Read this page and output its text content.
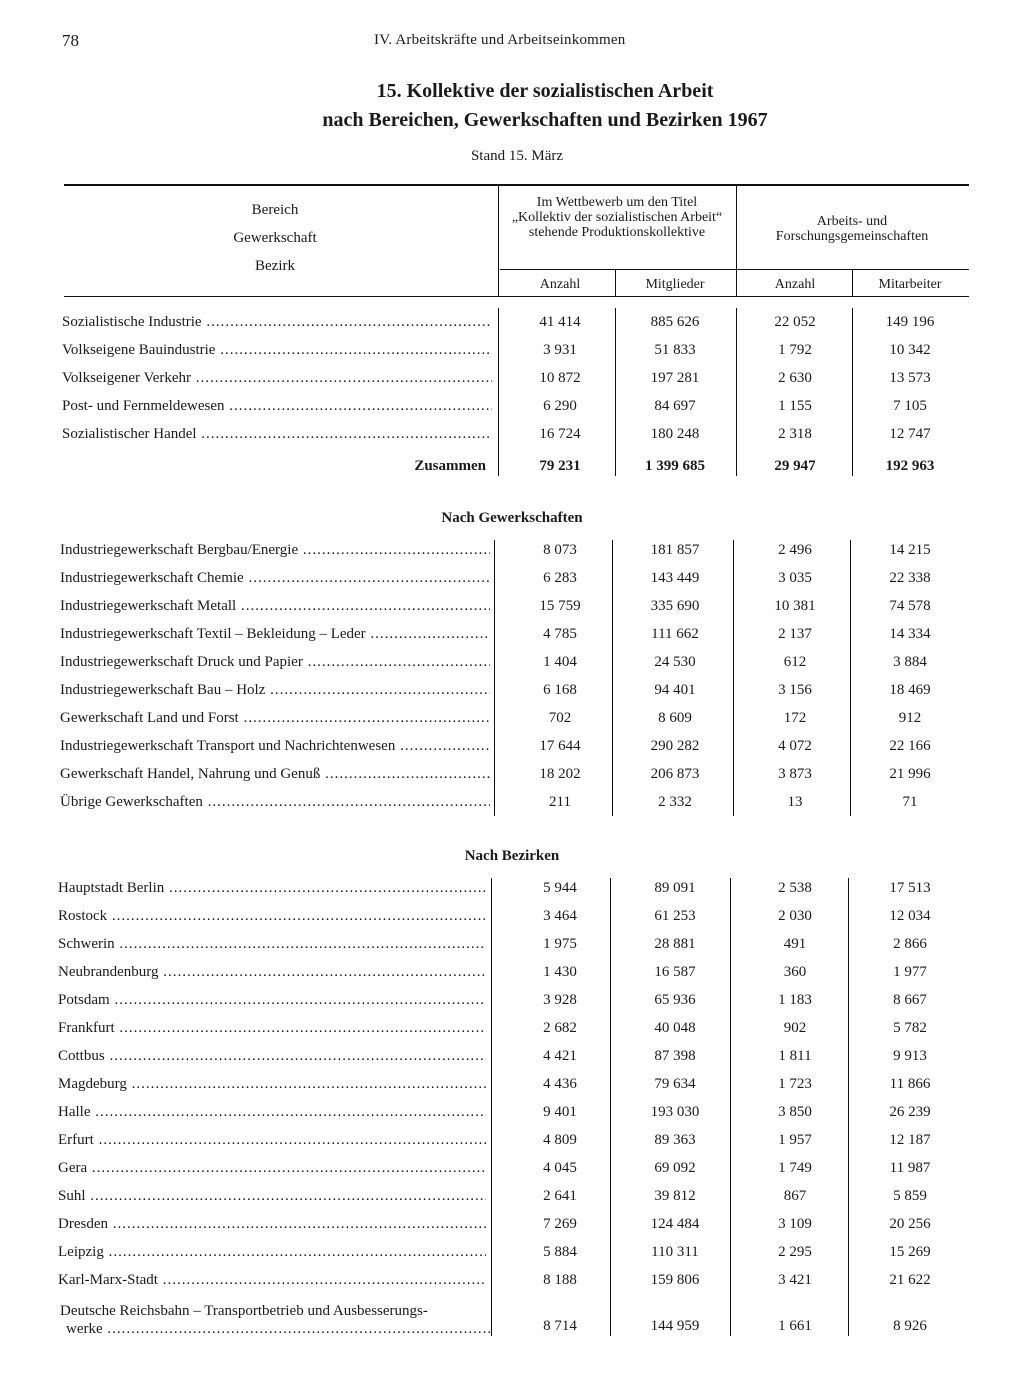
78	IV. Arbeitskräfte und Arbeitseinkommen
15. Kollektive der sozialistischen Arbeit
nach Bereichen, Gewerkschaften und Bezirken 1967
Stand 15. März
Bereich
Gewerkschaft
Bezirk
Im Wettbewerb um den Titel „Kollektiv der sozialistischen Arbeit“ stehende Produktionskollektive
Arbeits- und Forschungsgemeinschaften
Anzahl	Mitglieder	Anzahl	Mitarbeiter
Sozialistische Industrie .....	41 414	885 626	22 052	149 196
Volkseigene Bauindustrie .....	3 931	51 833	1 792	10 342
Volkseigener Verkehr .....	10 872	197 281	2 630	13 573
Post- und Fernmeldewesen .....	6 290	84 697	1 155	7 105
Sozialistischer Handel .....	16 724	180 248	2 318	12 747
Zusammen	79 231	1 399 685	29 947	192 963
Nach Gewerkschaften
Industriegewerkschaft Bergbau/Energie .....	8 073	181 857	2 496	14 215
Industriegewerkschaft Chemie .....	6 283	143 449	3 035	22 338
Industriegewerkschaft Metall .....	15 759	335 690	10 381	74 578
Industriegewerkschaft Textil – Bekleidung – Leder .....	4 785	111 662	2 137	14 334
Industriegewerkschaft Druck und Papier .....	1 404	24 530	612	3 884
Industriegewerkschaft Bau – Holz .....	6 168	94 401	3 156	18 469
Gewerkschaft Land und Forst .....	702	8 609	172	912
Industriegewerkschaft Transport und Nachrichtenwesen .....	17 644	290 282	4 072	22 166
Gewerkschaft Handel, Nahrung und Genuß .....	18 202	206 873	3 873	21 996
Übrige Gewerkschaften .....	211	2 332	13	71
Nach Bezirken
Hauptstadt Berlin .....	5 944	89 091	2 538	17 513
Rostock .....	3 464	61 253	2 030	12 034
Schwerin .....	1 975	28 881	491	2 866
Neubrandenburg .....	1 430	16 587	360	1 977
Potsdam .....	3 928	65 936	1 183	8 667
Frankfurt .....	2 682	40 048	902	5 782
Cottbus .....	4 421	87 398	1 811	9 913
Magdeburg .....	4 436	79 634	1 723	11 866
Halle .....	9 401	193 030	3 850	26 239
Erfurt .....	4 809	89 363	1 957	12 187
Gera .....	4 045	69 092	1 749	11 987
Suhl .....	2 641	39 812	867	5 859
Dresden .....	7 269	124 484	3 109	20 256
Leipzig .....	5 884	110 311	2 295	15 269
Karl-Marx-Stadt .....	8 188	159 806	3 421	21 622
Deutsche Reichsbahn – Transportbetrieb und Ausbesserungs-
werke .....	8 714	144 959	1 661	8 926
